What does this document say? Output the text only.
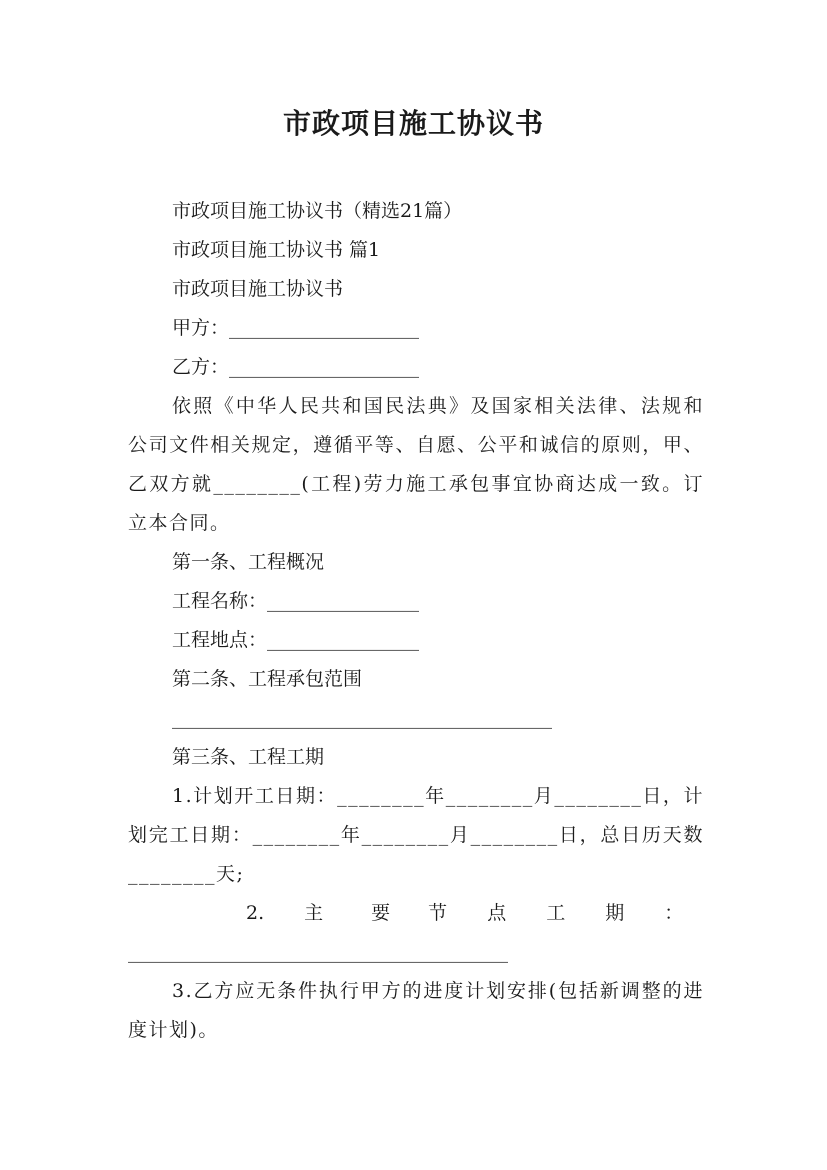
市政项目施工协议书
市政项目施工协议书（精选21篇）
市政项目施工协议书 篇1
市政项目施工协议书
甲方：____________________
乙方：____________________
依照《中华人民共和国民法典》及国家相关法律、法规和公司文件相关规定，遵循平等、自愿、公平和诚信的原则，甲、乙双方就________(工程)劳力施工承包事宜协商达成一致。订立本合同。
第一条、工程概况
工程名称：________________
工程地点：________________
第二条、工程承包范围
________________________________________
第三条、工程工期
1.计划开工日期：________年________月________日，计划完工日期：________年________月________日，总日历天数________天;
2. 主	要 节 点 工 期 ：
________________________________________
3.乙方应无条件执行甲方的进度计划安排(包括新调整的进度计划)。
